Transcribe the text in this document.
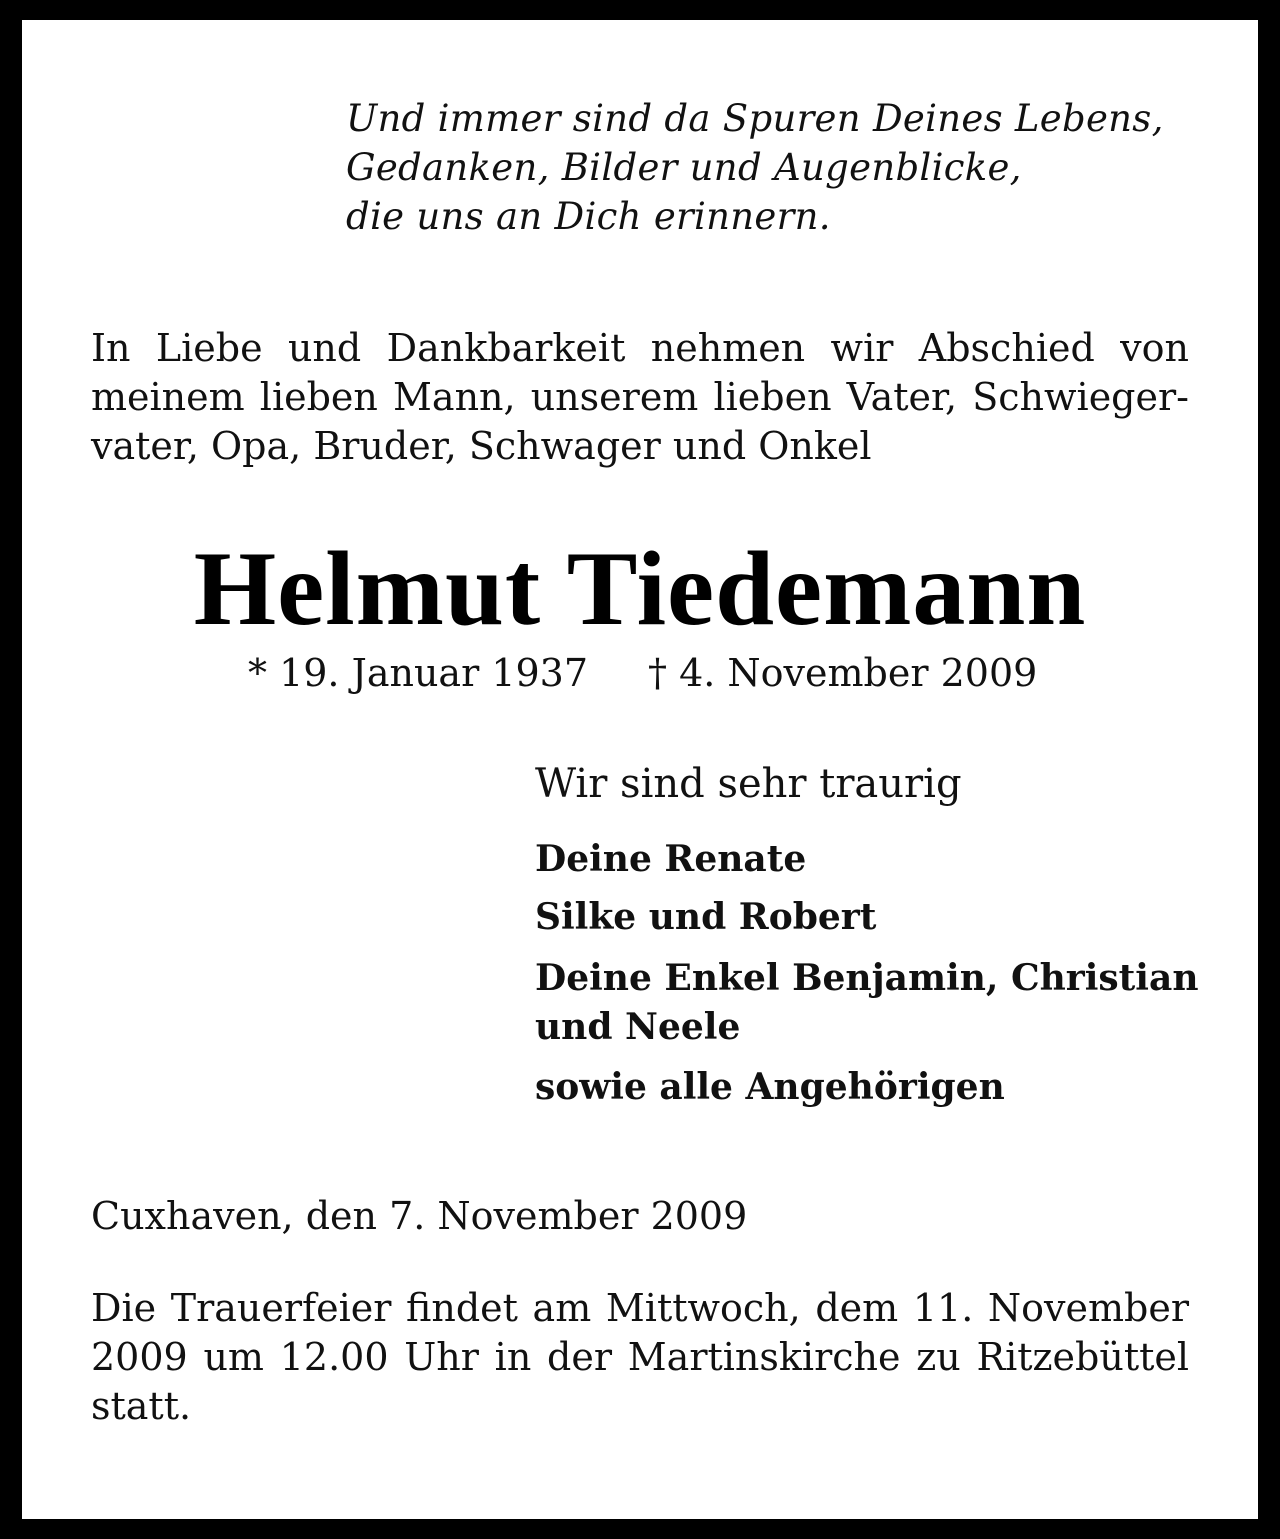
Und immer sind da Spuren Deines Lebens,

Gedanken, Bilder und Augenblicke,

die uns an Dich erinnern.

In Liebe und Dankbarkeit nehmen wir Abschied von

meinem lieben Mann, unserem lieben Vater, Schwieger-

vater, Opa, Bruder, Schwager und Onkel

Helmut Tiedemann

* 19. Januar 1937 † 4. November 2009

Wir sind sehr traurig

Deine Renate

Silke und Robert

Deine Enkel Benjamin, Christian

und Neele

sowie alle Angehörigen

Cuxhaven, den 7. November 2009

Die Trauerfeier findet am Mittwoch, dem 11. November

2009 um 12.00 Uhr in der Martinskirche zu Ritzebüttel

statt.
